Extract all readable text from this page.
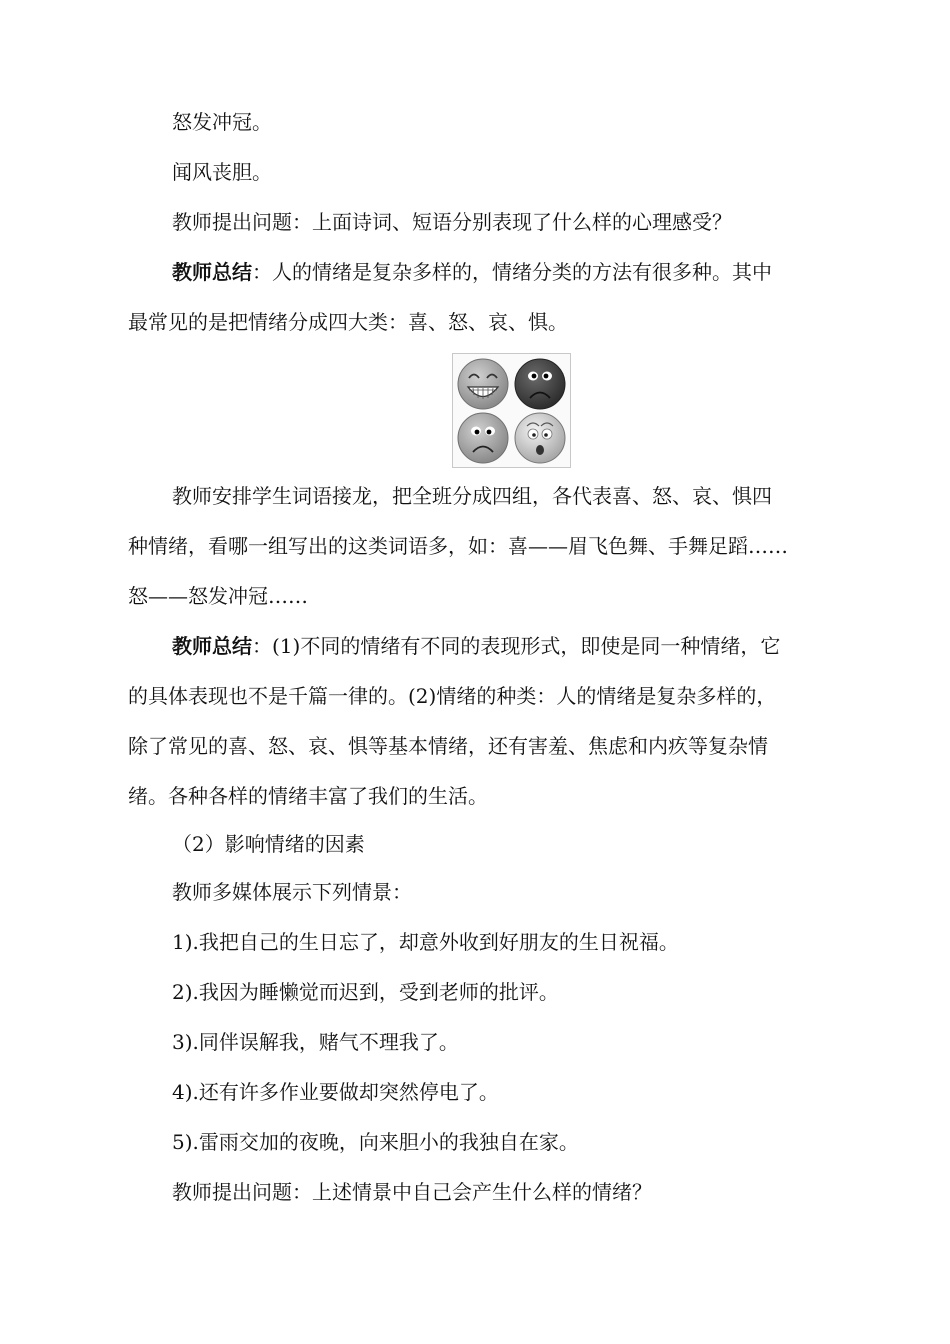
怒发冲冠。
闻风丧胆。
教师提出问题：上面诗词、短语分别表现了什么样的心理感受？
教师总结：人的情绪是复杂多样的，情绪分类的方法有很多种。其中
最常见的是把情绪分成四大类：喜、怒、哀、惧。
教师安排学生词语接龙，把全班分成四组，各代表喜、怒、哀、惧四
种情绪，看哪一组写出的这类词语多，如：喜——眉飞色舞、手舞足蹈……
怒——怒发冲冠……
教师总结：(1)不同的情绪有不同的表现形式，即使是同一种情绪，它
的具体表现也不是千篇一律的。(2)情绪的种类：人的情绪是复杂多样的，
除了常见的喜、怒、哀、惧等基本情绪，还有害羞、焦虑和内疚等复杂情
绪。各种各样的情绪丰富了我们的生活。
（2）影响情绪的因素
教师多媒体展示下列情景：
1).我把自己的生日忘了，却意外收到好朋友的生日祝福。
2).我因为睡懒觉而迟到，受到老师的批评。
3).同伴误解我，赌气不理我了。
4).还有许多作业要做却突然停电了。
5).雷雨交加的夜晚，向来胆小的我独自在家。
教师提出问题：上述情景中自己会产生什么样的情绪？
